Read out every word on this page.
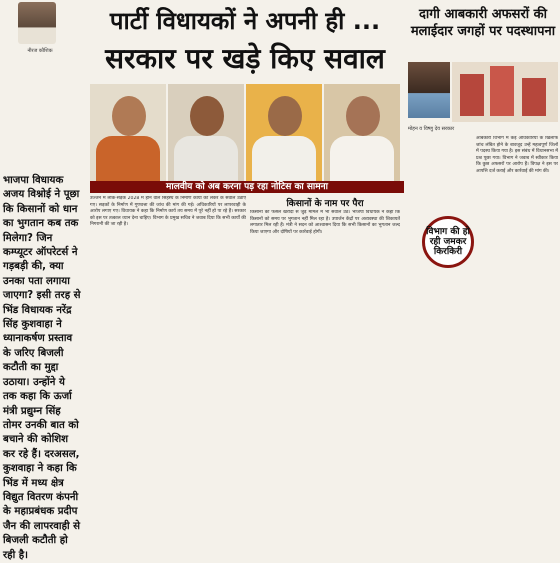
नीरज कौशिक
भाजपा विधायक अजय विश्नोई ने पूछा कि किसानों को धान का भुगतान कब तक मिलेगा? जिन कम्प्यूटर ऑपरेटर्स ने गड़बड़ी की, क्या उनका पता लगाया जाएगा? इसी तरह से भिंड विधायक नरेंद्र सिंह कुशवाहा ने ध्यानाकर्षण प्रस्ताव के जरिए बिजली कटौती का मुद्दा उठाया। उन्होंने ये तक कहा कि ऊर्जा मंत्री प्रद्युम्न सिंह तोमर उनकी बात को बचाने की कोशिश कर रहे हैं। दरअसल, कुशवाहा ने कहा कि भिंड में मध्य क्षेत्र विद्युत वितरण कंपनी के महाप्रबंधक प्रदीप जैन की लापरवाही से बिजली कटौती हो रही है।
पार्टी विधायकों ने अपनी ही ...
सरकार पर खड़े किए सवाल
मालवीय को अब करना पड़ रहा नोटिस का सामना
उज्जैन में लोक-सड़क 2028 में होने वाले सिंहस्थ के निर्माण कार्यों को लेकर के सवाल उठाए गए। सड़कों के निर्माण में गुणवत्ता की जांच की मांग की गई। अधिकारियों पर लापरवाही के आरोप लगाए गए। विधायक ने कहा कि निर्माण कार्य तय समय में पूरे नहीं हो पा रहे हैं। सरकार को इस पर तत्काल ध्यान देना चाहिए। विभाग के प्रमुख सचिव ने जवाब दिया कि सभी कार्यों की निगरानी की जा रही है।
किसानों के नाम पर पैरा
किसानों की फसल खरीदी से जुड़े मामले में भी सवाल उठे। भाजपा विधायक ने कहा कि किसानों को समय पर भुगतान नहीं मिल रहा है। उपार्जन केंद्रों पर अव्यवस्था की शिकायतें लगातार मिल रही हैं। मंत्री ने सदन को आश्वासन दिया कि सभी किसानों का भुगतान जल्द किया जाएगा और दोषियों पर कार्रवाई होगी।
दागी आबकारी अफसरों की मलाईदार जगहों पर पदस्थापना
मोहन व विष्णु देव सरकार
आबकारी विभाग में कई अधिकारियों के खिलाफ जांच लंबित होने के बावजूद उन्हें महत्वपूर्ण जिलों में पदस्थ किया गया है। इस संबंध में विधानसभा में प्रश्न पूछा गया। विभाग ने जवाब में स्वीकार किया कि कुछ अफसरों पर आरोप हैं। विपक्ष ने इस पर आपत्ति दर्ज कराई और कार्रवाई की मांग की।
विभाग की हो रही जमकर किरकिरी
